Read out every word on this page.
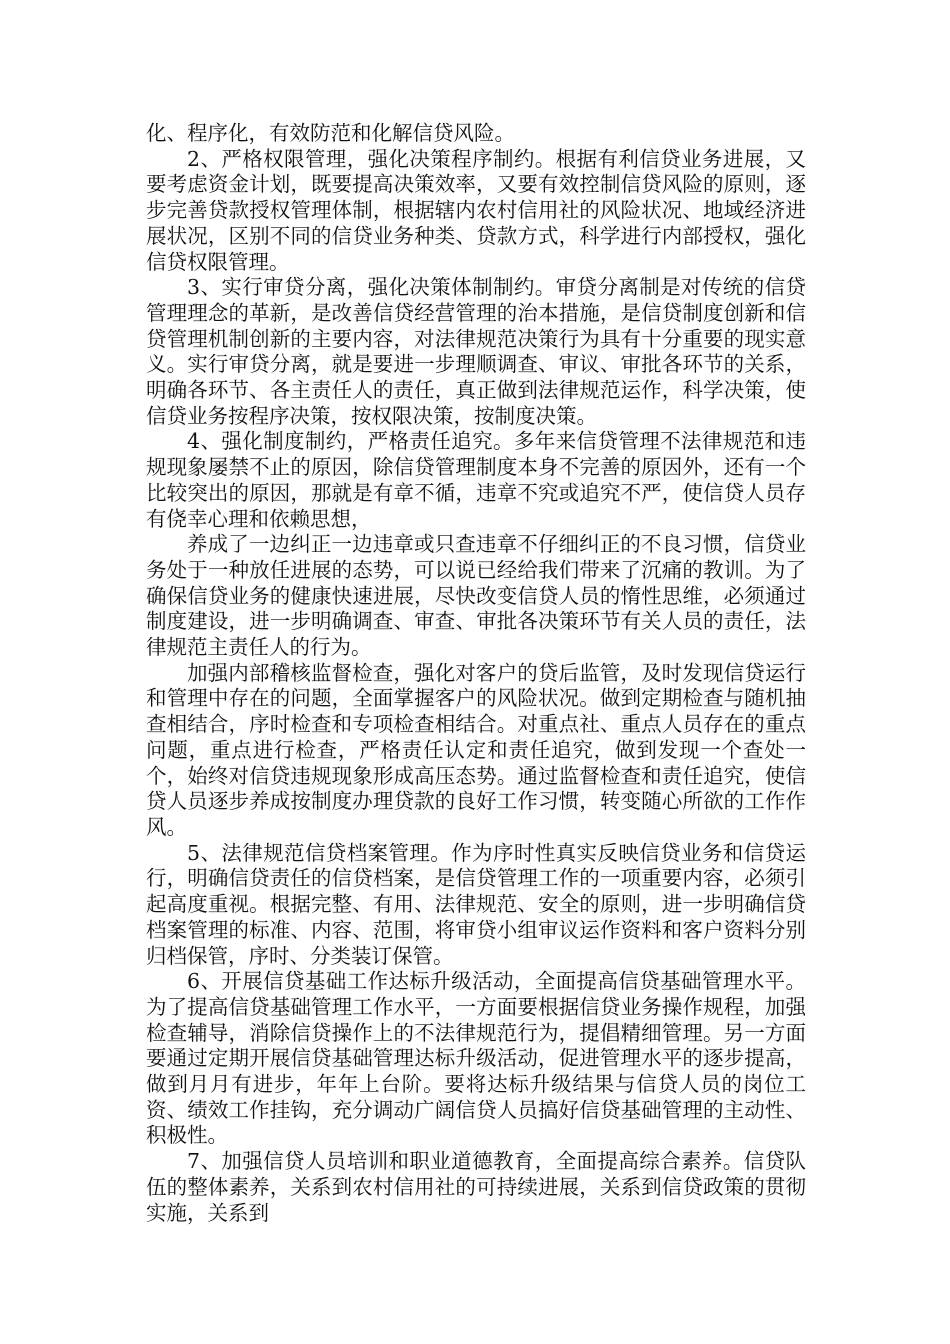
化、程序化，有效防范和化解信贷风险。

2、严格权限管理，强化决策程序制约。根据有利信贷业务进展，又要考虑资金计划，既要提高决策效率，又要有效控制信贷风险的原则，逐步完善贷款授权管理体制，根据辖内农村信用社的风险状况、地域经济进展状况，区别不同的信贷业务种类、贷款方式，科学进行内部授权，强化信贷权限管理。

3、实行审贷分离，强化决策体制制约。审贷分离制是对传统的信贷管理理念的革新，是改善信贷经营管理的治本措施，是信贷制度创新和信贷管理机制创新的主要内容，对法律规范决策行为具有十分重要的现实意义。实行审贷分离，就是要进一步理顺调查、审议、审批各环节的关系，明确各环节、各主责任人的责任，真正做到法律规范运作，科学决策，使信贷业务按程序决策，按权限决策，按制度决策。

4、强化制度制约，严格责任追究。多年来信贷管理不法律规范和违规现象屡禁不止的原因，除信贷管理制度本身不完善的原因外，还有一个比较突出的原因，那就是有章不循，违章不究或追究不严，使信贷人员存有侥幸心理和依赖思想，

养成了一边纠正一边违章或只查违章不仔细纠正的不良习惯，信贷业务处于一种放任进展的态势，可以说已经给我们带来了沉痛的教训。为了确保信贷业务的健康快速进展，尽快改变信贷人员的惰性思维，必须通过制度建设，进一步明确调查、审查、审批各决策环节有关人员的责任，法律规范主责任人的行为。

加强内部稽核监督检查，强化对客户的贷后监管，及时发现信贷运行和管理中存在的问题，全面掌握客户的风险状况。做到定期检查与随机抽查相结合，序时检查和专项检查相结合。对重点社、重点人员存在的重点问题，重点进行检查，严格责任认定和责任追究，做到发现一个查处一个，始终对信贷违规现象形成高压态势。通过监督检查和责任追究，使信贷人员逐步养成按制度办理贷款的良好工作习惯，转变随心所欲的工作作风。

5、法律规范信贷档案管理。作为序时性真实反映信贷业务和信贷运行，明确信贷责任的信贷档案，是信贷管理工作的一项重要内容，必须引起高度重视。根据完整、有用、法律规范、安全的原则，进一步明确信贷档案管理的标准、内容、范围，将审贷小组审议运作资料和客户资料分别归档保管，序时、分类装订保管。

6、开展信贷基础工作达标升级活动，全面提高信贷基础管理水平。为了提高信贷基础管理工作水平，一方面要根据信贷业务操作规程，加强检查辅导，消除信贷操作上的不法律规范行为，提倡精细管理。另一方面要通过定期开展信贷基础管理达标升级活动，促进管理水平的逐步提高，做到月月有进步，年年上台阶。要将达标升级结果与信贷人员的岗位工资、绩效工作挂钩，充分调动广阔信贷人员搞好信贷基础管理的主动性、积极性。

7、加强信贷人员培训和职业道德教育，全面提高综合素养。信贷队伍的整体素养，关系到农村信用社的可持续进展，关系到信贷政策的贯彻实施，关系到
